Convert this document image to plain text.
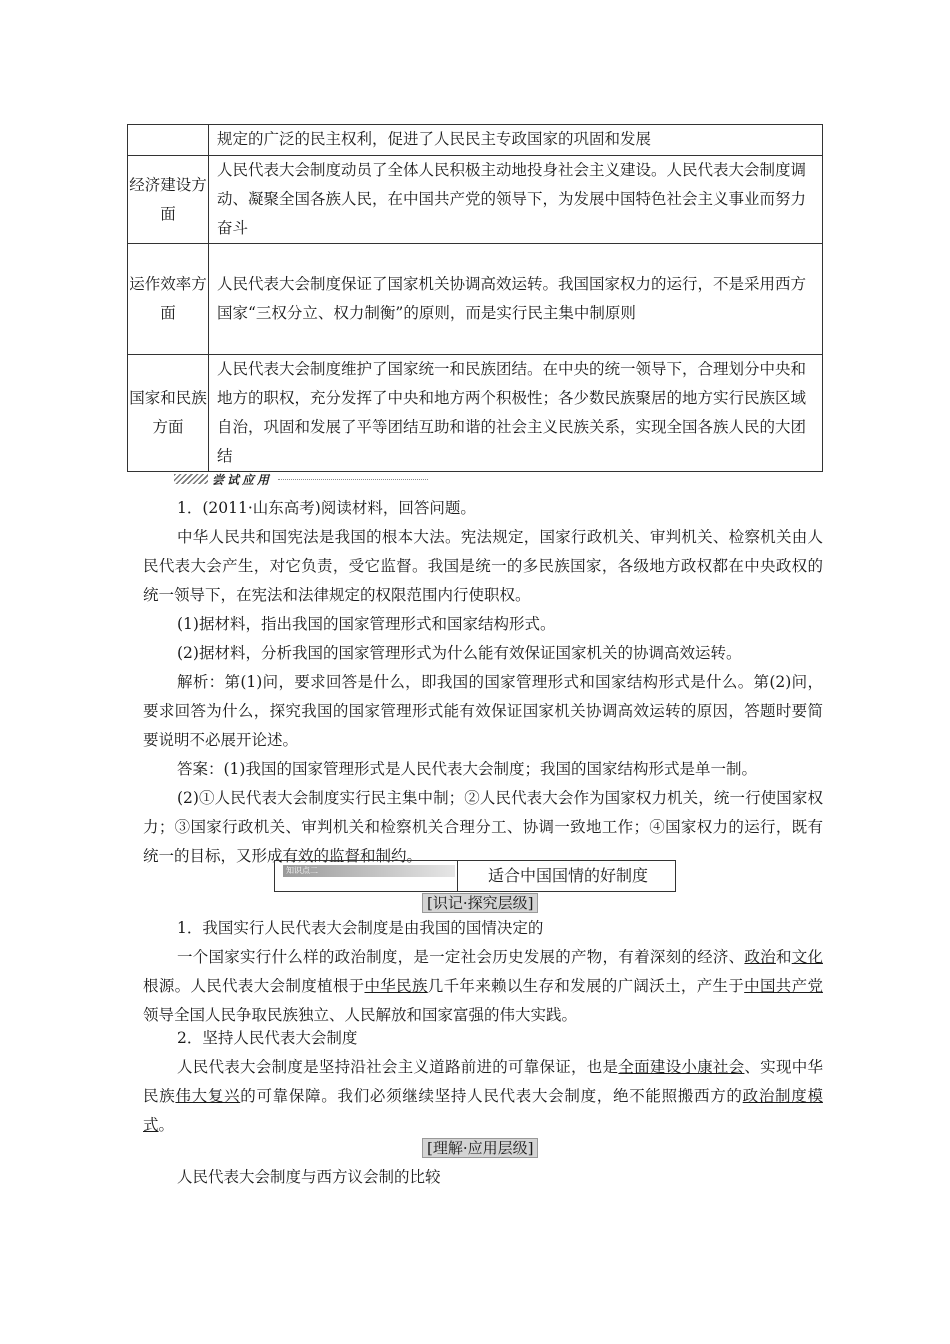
	规定的广泛的民主权利，促进了人民民主专政国家的巩固和发展
经济建设方面	人民代表大会制度动员了全体人民积极主动地投身社会主义建设。人民代表大会制度调动、凝聚全国各族人民，在中国共产党的领导下，为发展中国特色社会主义事业而努力奋斗
运作效率方面	人民代表大会制度保证了国家机关协调高效运转。我国国家权力的运行，不是采用西方国家“三权分立、权力制衡”的原则，而是实行民主集中制原则
国家和民族方面	人民代表大会制度维护了国家统一和民族团结。在中央的统一领导下，合理划分中央和地方的职权，充分发挥了中央和地方两个积极性；各少数民族聚居的地方实行民族区域自治，巩固和发展了平等团结互助和谐的社会主义民族关系，实现全国各族人民的大团结
尝试应用

1．(2011·山东高考)阅读材料，回答问题。

中华人民共和国宪法是我国的根本大法。宪法规定，国家行政机关、审判机关、检察机关由人民代表大会产生，对它负责，受它监督。我国是统一的多民族国家，各级地方政权都在中央政权的统一领导下，在宪法和法律规定的权限范围内行使职权。

(1)据材料，指出我国的国家管理形式和国家结构形式。

(2)据材料，分析我国的国家管理形式为什么能有效保证国家机关的协调高效运转。

解析：第(1)问，要求回答是什么，即我国的国家管理形式和国家结构形式是什么。第(2)问，要求回答为什么，探究我国的国家管理形式能有效保证国家机关协调高效运转的原因，答题时要简要说明不必展开论述。

答案：(1)我国的国家管理形式是人民代表大会制度；我国的国家结构形式是单一制。

(2)①人民代表大会制度实行民主集中制；②人民代表大会作为国家权力机关，统一行使国家权力；③国家行政机关、审判机关和检察机关合理分工、协调一致地工作；④国家权力的运行，既有统一的目标，又形成有效的监督和制约。

知识点二	适合中国国情的好制度
[识记·探究层级]

1．我国实行人民代表大会制度是由我国的国情决定的

一个国家实行什么样的政治制度，是一定社会历史发展的产物，有着深刻的经济、政治和文化根源。人民代表大会制度植根于中华民族几千年来赖以生存和发展的广阔沃土，产生于中国共产党领导全国人民争取民族独立、人民解放和国家富强的伟大实践。

2．坚持人民代表大会制度

人民代表大会制度是坚持沿社会主义道路前进的可靠保证，也是全面建设小康社会、实现中华民族伟大复兴的可靠保障。我们必须继续坚持人民代表大会制度，绝不能照搬西方的政治制度模式。

[理解·应用层级]

人民代表大会制度与西方议会制的比较
